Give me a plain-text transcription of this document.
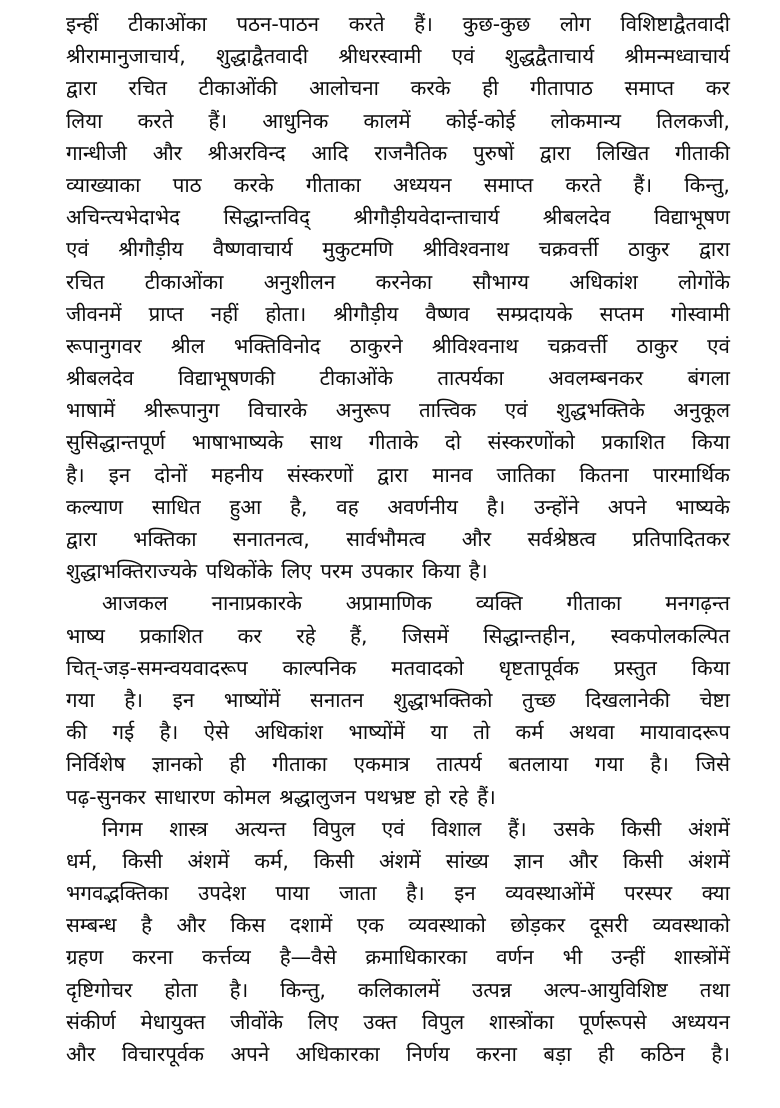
इन्हीं टीकाओंका पठन-पाठन करते हैं। कुछ-कुछ लोग विशिष्टाद्वैतवादी
श्रीरामानुजाचार्य, शुद्धाद्वैतवादी श्रीधरस्वामी एवं शुद्धद्वैताचार्य श्रीमन्मध्वाचार्य
द्वारा रचित टीकाओंकी आलोचना करके ही गीतापाठ समाप्त कर
लिया करते हैं। आधुनिक कालमें कोई-कोई लोकमान्य तिलकजी,
गान्धीजी और श्रीअरविन्द आदि राजनैतिक पुरुषों द्वारा लिखित गीताकी
व्याख्याका पाठ करके गीताका अध्ययन समाप्त करते हैं। किन्तु,
अचिन्त्यभेदाभेद सिद्धान्तविद् श्रीगौड़ीयवेदान्ताचार्य श्रीबलदेव विद्याभूषण
एवं श्रीगौड़ीय वैष्णवाचार्य मुकुटमणि श्रीविश्वनाथ चक्रवर्त्ती ठाकुर द्वारा
रचित टीकाओंका अनुशीलन करनेका सौभाग्य अधिकांश लोगोंके
जीवनमें प्राप्त नहीं होता। श्रीगौड़ीय वैष्णव सम्प्रदायके सप्तम गोस्वामी
रूपानुगवर श्रील भक्तिविनोद ठाकुरने श्रीविश्वनाथ चक्रवर्त्ती ठाकुर एवं
श्रीबलदेव विद्याभूषणकी टीकाओंके तात्पर्यका अवलम्बनकर बंगला
भाषामें श्रीरूपानुग विचारके अनुरूप तात्त्विक एवं शुद्धभक्तिके अनुकूल
सुसिद्धान्तपूर्ण भाषाभाष्यके साथ गीताके दो संस्करणोंको प्रकाशित किया
है। इन दोनों महनीय संस्करणों द्वारा मानव जातिका कितना पारमार्थिक
कल्याण साधित हुआ है, वह अवर्णनीय है। उन्होंने अपने भाष्यके
द्वारा भक्तिका सनातनत्व, सार्वभौमत्व और सर्वश्रेष्ठत्व प्रतिपादितकर
शुद्धाभक्तिराज्यके पथिकोंके लिए परम उपकार किया है।
आजकल नानाप्रकारके अप्रामाणिक व्यक्ति गीताका मनगढ़न्त
भाष्य प्रकाशित कर रहे हैं, जिसमें सिद्धान्तहीन, स्वकपोलकल्पित
चित्-जड़-समन्वयवादरूप काल्पनिक मतवादको धृष्टतापूर्वक प्रस्तुत किया
गया है। इन भाष्योंमें सनातन शुद्धाभक्तिको तुच्छ दिखलानेकी चेष्टा
की गई है। ऐसे अधिकांश भाष्योंमें या तो कर्म अथवा मायावादरूप
निर्विशेष ज्ञानको ही गीताका एकमात्र तात्पर्य बतलाया गया है। जिसे
पढ़-सुनकर साधारण कोमल श्रद्धालुजन पथभ्रष्ट हो रहे हैं।
निगम शास्त्र अत्यन्त विपुल एवं विशाल हैं। उसके किसी अंशमें
धर्म, किसी अंशमें कर्म, किसी अंशमें सांख्य ज्ञान और किसी अंशमें
भगवद्भक्तिका उपदेश पाया जाता है। इन व्यवस्थाओंमें परस्पर क्या
सम्बन्ध है और किस दशामें एक व्यवस्थाको छोड़कर दूसरी व्यवस्थाको
ग्रहण करना कर्त्तव्य है—वैसे क्रमाधिकारका वर्णन भी उन्हीं शास्त्रोंमें
दृष्टिगोचर होता है। किन्तु, कलिकालमें उत्पन्न अल्प-आयुविशिष्ट तथा
संकीर्ण मेधायुक्त जीवोंके लिए उक्त विपुल शास्त्रोंका पूर्णरूपसे अध्ययन
और विचारपूर्वक अपने अधिकारका निर्णय करना बड़ा ही कठिन है।
